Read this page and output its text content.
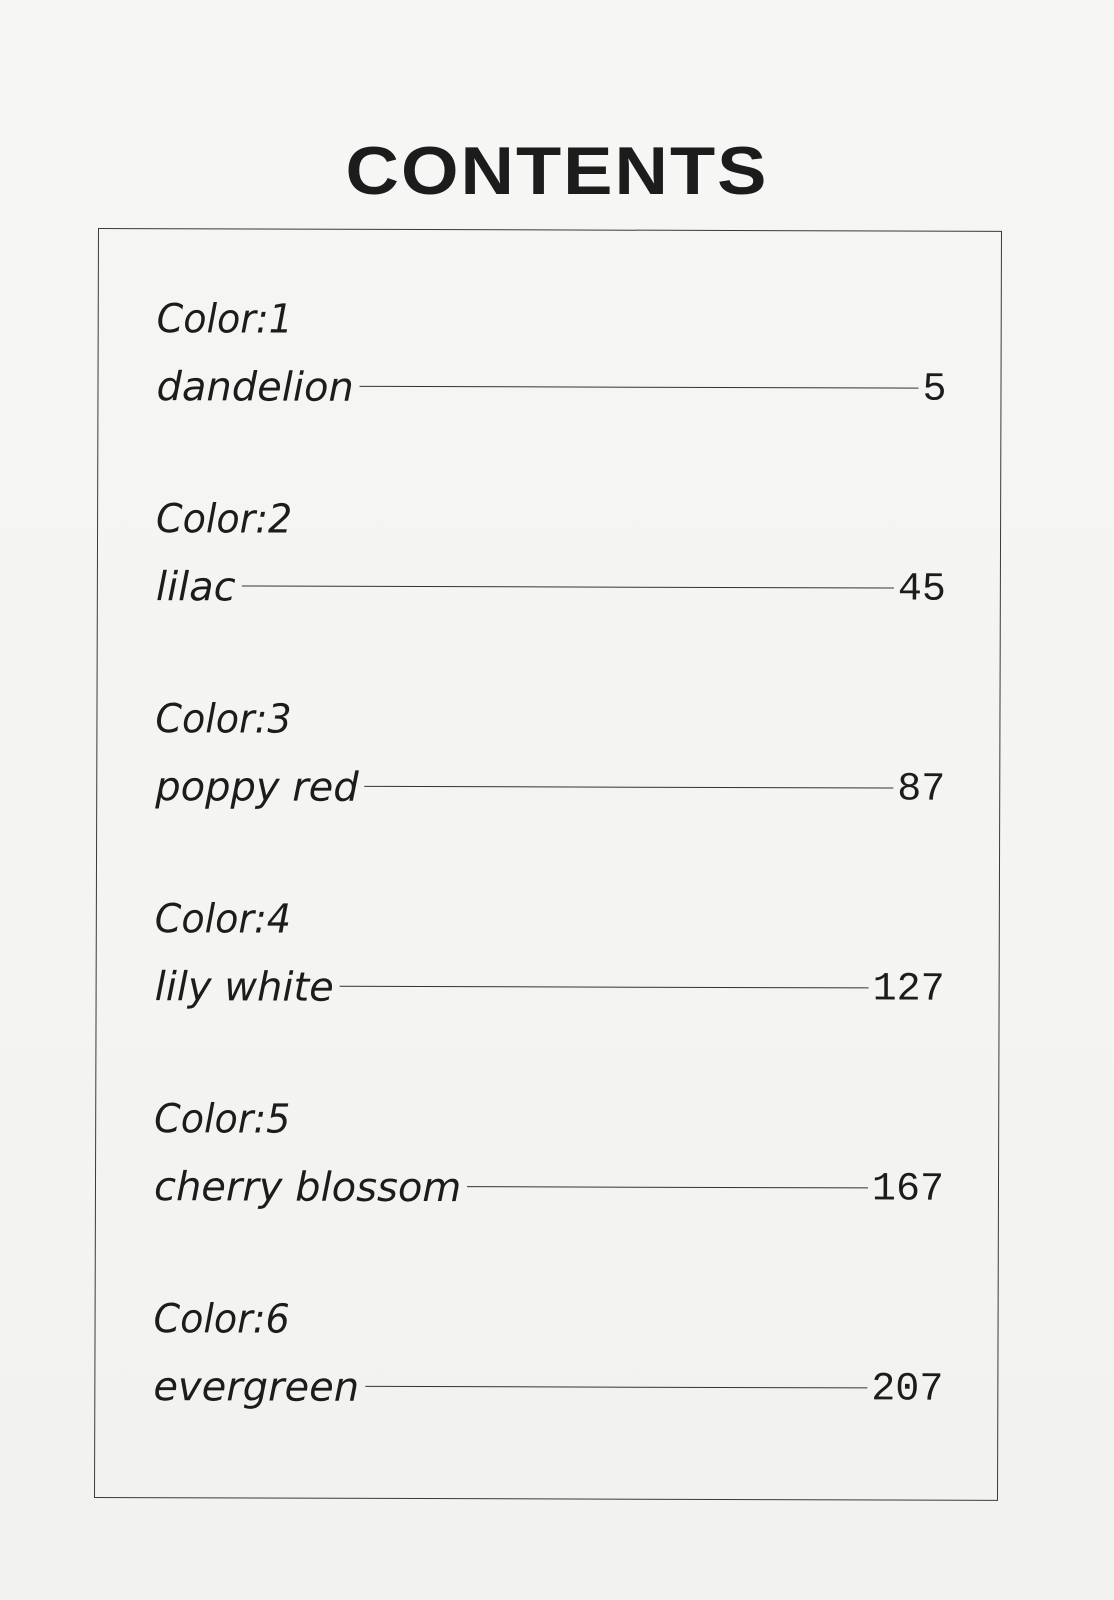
CONTENTS
Color:1
dandelion	5
Color:2
lilac	45
Color:3
poppy red	87
Color:4
lily white	127
Color:5
cherry blossom	167
Color:6
evergreen	207
